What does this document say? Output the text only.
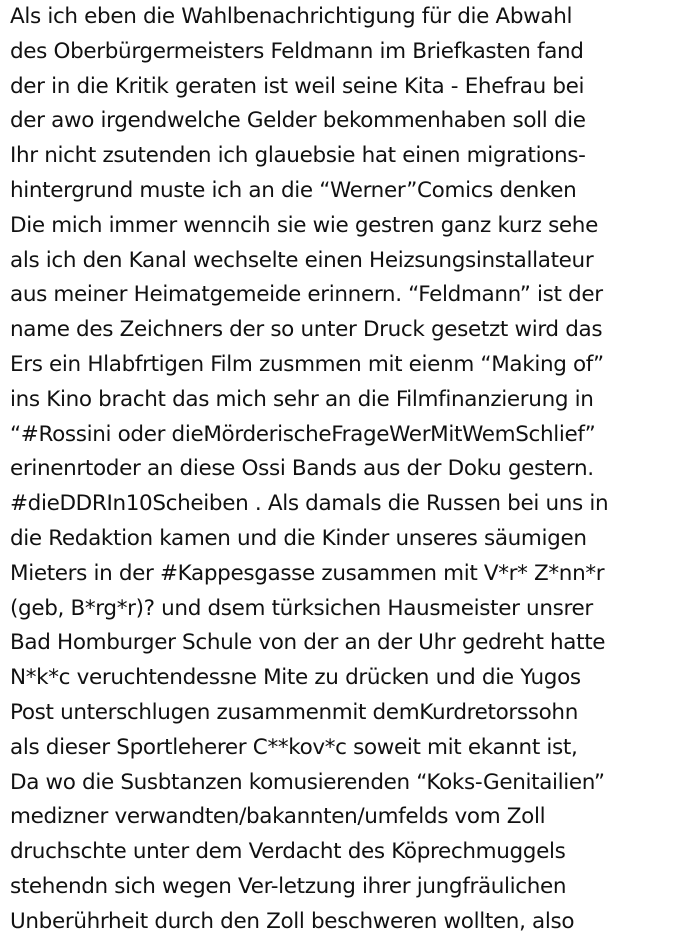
Als ich eben die Wahlbenachrichtigung für die Abwahl
des Oberbürgermeisters Feldmann im Briefkasten fand
der in die Kritik geraten ist weil seine Kita - Ehefrau bei
der awo irgendwelche Gelder bekommenhaben soll die
Ihr nicht zsutenden ich glauebsie hat einen migrations-
hintergrund muste ich an die “Werner”Comics denken
Die mich immer wenncih sie wie gestren ganz kurz sehe
als ich den Kanal wechselte einen Heizsungsinstallateur
aus meiner Heimatgemeide erinnern. “Feldmann” ist der
name des Zeichners der so unter Druck gesetzt wird das
Ers ein Hlabfrtigen Film zusmmen mit eienm “Making of”
ins Kino bracht das mich sehr an die Filmfinanzierung in
“#Rossini oder dieMörderischeFrageWerMitWemSchlief”
erinenrtoder an diese Ossi Bands aus der Doku gestern.
#dieDDRIn10Scheiben . Als damals die Russen bei uns in
die Redaktion kamen und die Kinder unseres säumigen
Mieters in der #Kappesgasse zusammen mit V*r* Z*nn*r
(geb, B*rg*r)? und dsem türksichen Hausmeister unsrer
Bad Homburger Schule von der an der Uhr gedreht hatte
N*k*c veruchtendessne Mite zu drücken und die Yugos
Post unterschlugen zusammenmit demKurdretorssohn
als dieser Sportleherer C**kov*c soweit mit ekannt ist,
Da wo die Susbtanzen komusierenden “Koks-Genitailien”
medizner verwandten/bakannten/umfelds vom Zoll
druchschte unter dem Verdacht des Köprechmuggels
stehendn sich wegen Ver-letzung ihrer jungfräulichen
Unberührheit durch den Zoll beschweren wollten, also
